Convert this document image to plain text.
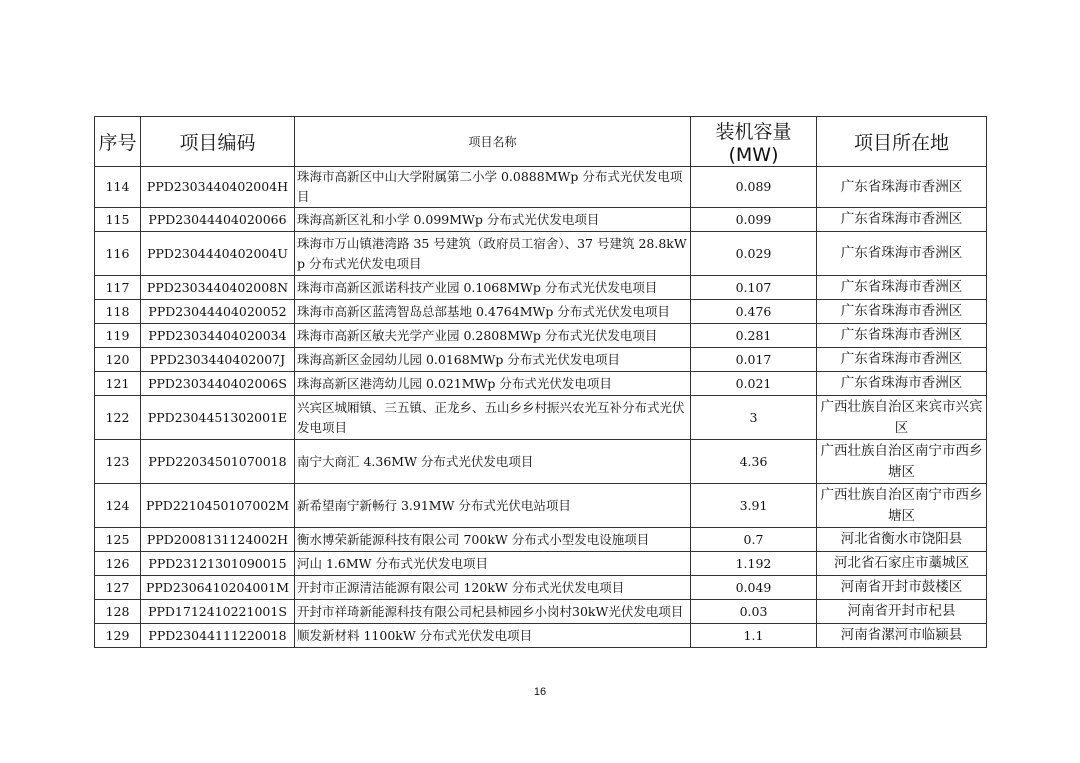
序号	项目编码	项目名称	装机容量(MW)	项目所在地
114	PPD2303440402004H	珠海市高新区中山大学附属第二小学 0.0888MWp 分布式光伏发电项目	0.089	广东省珠海市香洲区
115	PPD23044404020066	珠海高新区礼和小学 0.099MWp 分布式光伏发电项目	0.099	广东省珠海市香洲区
116	PPD2304440402004U	珠海市万山镇港湾路 35 号建筑（政府员工宿舍）、37 号建筑 28.8kWp 分布式光伏发电项目	0.029	广东省珠海市香洲区
117	PPD2303440402008N	珠海市高新区派诺科技产业园 0.1068MWp 分布式光伏发电项目	0.107	广东省珠海市香洲区
118	PPD23044404020052	珠海市高新区蓝湾智岛总部基地 0.4764MWp 分布式光伏发电项目	0.476	广东省珠海市香洲区
119	PPD23034404020034	珠海市高新区敏夫光学产业园 0.2808MWp 分布式光伏发电项目	0.281	广东省珠海市香洲区
120	PPD2303440402007J	珠海高新区金园幼儿园 0.0168MWp 分布式光伏发电项目	0.017	广东省珠海市香洲区
121	PPD2303440402006S	珠海高新区港湾幼儿园 0.021MWp 分布式光伏发电项目	0.021	广东省珠海市香洲区
122	PPD2304451302001E	兴宾区城厢镇、三五镇、正龙乡、五山乡乡村振兴农光互补分布式光伏发电项目	3	广西壮族自治区来宾市兴宾区
123	PPD22034501070018	南宁大商汇 4.36MW 分布式光伏发电项目	4.36	广西壮族自治区南宁市西乡塘区
124	PPD2210450107002M	新希望南宁新畅行 3.91MW 分布式光伏电站项目	3.91	广西壮族自治区南宁市西乡塘区
125	PPD2008131124002H	衡水博荣新能源科技有限公司 700kW 分布式小型发电设施项目	0.7	河北省衡水市饶阳县
126	PPD23121301090015	河山 1.6MW 分布式光伏发电项目	1.192	河北省石家庄市藁城区
127	PPD2306410204001M	开封市正源清洁能源有限公司 120kW 分布式光伏发电项目	0.049	河南省开封市鼓楼区
128	PPD1712410221001S	开封市祥琦新能源科技有限公司杞县柿园乡小岗村30kW光伏发电项目	0.03	河南省开封市杞县
129	PPD23044111220018	顺发新材料 1100kW 分布式光伏发电项目	1.1	河南省漯河市临颍县
16
